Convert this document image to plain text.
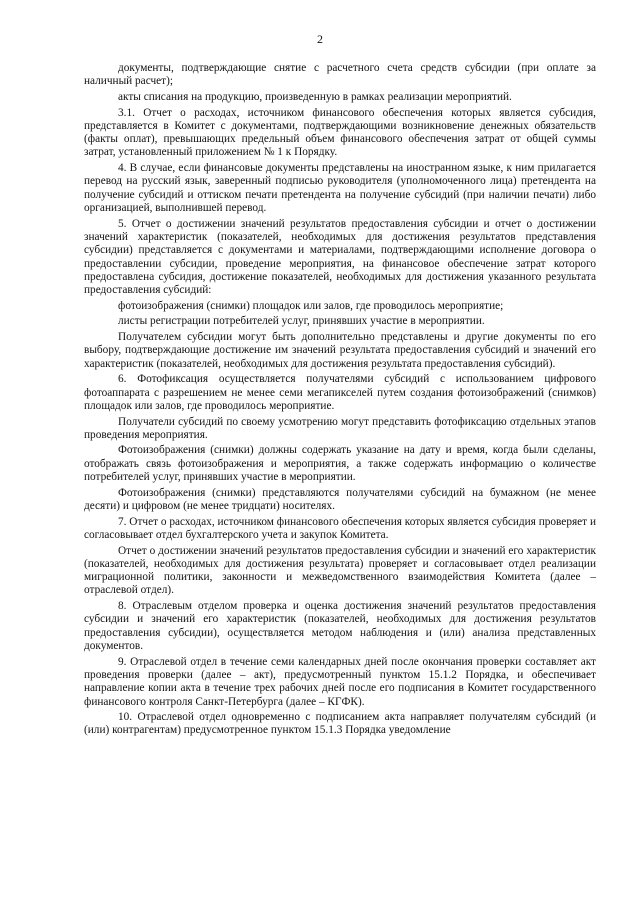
2

документы, подтверждающие снятие с расчетного счета средств субсидии (при оплате за наличный расчет);

акты списания на продукцию, произведенную в рамках реализации мероприятий.

3.1. Отчет о расходах, источником финансового обеспечения которых является субсидия, представляется в Комитет с документами, подтверждающими возникновение денежных обязательств (факты оплат), превышающих предельный объем финансового обеспечения затрат от общей суммы затрат, установленный приложением № 1 к Порядку.

4. В случае, если финансовые документы представлены на иностранном языке, к ним прилагается перевод на русский язык, заверенный подписью руководителя (уполномоченного лица) претендента на получение субсидий и оттиском печати претендента на получение субсидий (при наличии печати) либо организацией, выполнившей перевод.

5. Отчет о достижении значений результатов предоставления субсидии и отчет о достижении значений характеристик (показателей, необходимых для достижения результатов представления субсидии) представляется с документами и материалами, подтверждающими исполнение договора о предоставлении субсидии, проведение мероприятия, на финансовое обеспечение затрат которого предоставлена субсидия, достижение показателей, необходимых для достижения указанного результата предоставления субсидий:

фотоизображения (снимки) площадок или залов, где проводилось мероприятие;

листы регистрации потребителей услуг, принявших участие в мероприятии.

Получателем субсидии могут быть дополнительно представлены и другие документы по его выбору, подтверждающие достижение им значений результата предоставления субсидий и значений его характеристик (показателей, необходимых для достижения результата предоставления субсидий).

6. Фотофиксация осуществляется получателями субсидий с использованием цифрового фотоаппарата с разрешением не менее семи мегапикселей путем создания фотоизображений (снимков) площадок или залов, где проводилось мероприятие.

Получатели субсидий по своему усмотрению могут представить фотофиксацию отдельных этапов проведения мероприятия.

Фотоизображения (снимки) должны содержать указание на дату и время, когда были сделаны, отображать связь фотоизображения и мероприятия, а также содержать информацию о количестве потребителей услуг, принявших участие в мероприятии.

Фотоизображения (снимки) представляются получателями субсидий на бумажном (не менее десяти) и цифровом (не менее тридцати) носителях.

7. Отчет о расходах, источником финансового обеспечения которых является субсидия проверяет и согласовывает отдел бухгалтерского учета и закупок Комитета.

Отчет о достижении значений результатов предоставления субсидии и значений его характеристик (показателей, необходимых для достижения результата) проверяет и согласовывает отдел реализации миграционной политики, законности и межведомственного взаимодействия Комитета (далее – отраслевой отдел).

8. Отраслевым отделом проверка и оценка достижения значений результатов предоставления субсидии и значений его характеристик (показателей, необходимых для достижения результатов предоставления субсидии), осуществляется методом наблюдения и (или) анализа представленных документов.

9. Отраслевой отдел в течение семи календарных дней после окончания проверки составляет акт проведения проверки (далее – акт), предусмотренный пунктом 15.1.2 Порядка, и обеспечивает направление копии акта в течение трех рабочих дней после его подписания в Комитет государственного финансового контроля Санкт-Петербурга (далее – КГФК).

10. Отраслевой отдел одновременно с подписанием акта направляет получателям субсидий (и (или) контрагентам) предусмотренное пунктом 15.1.3 Порядка уведомление
